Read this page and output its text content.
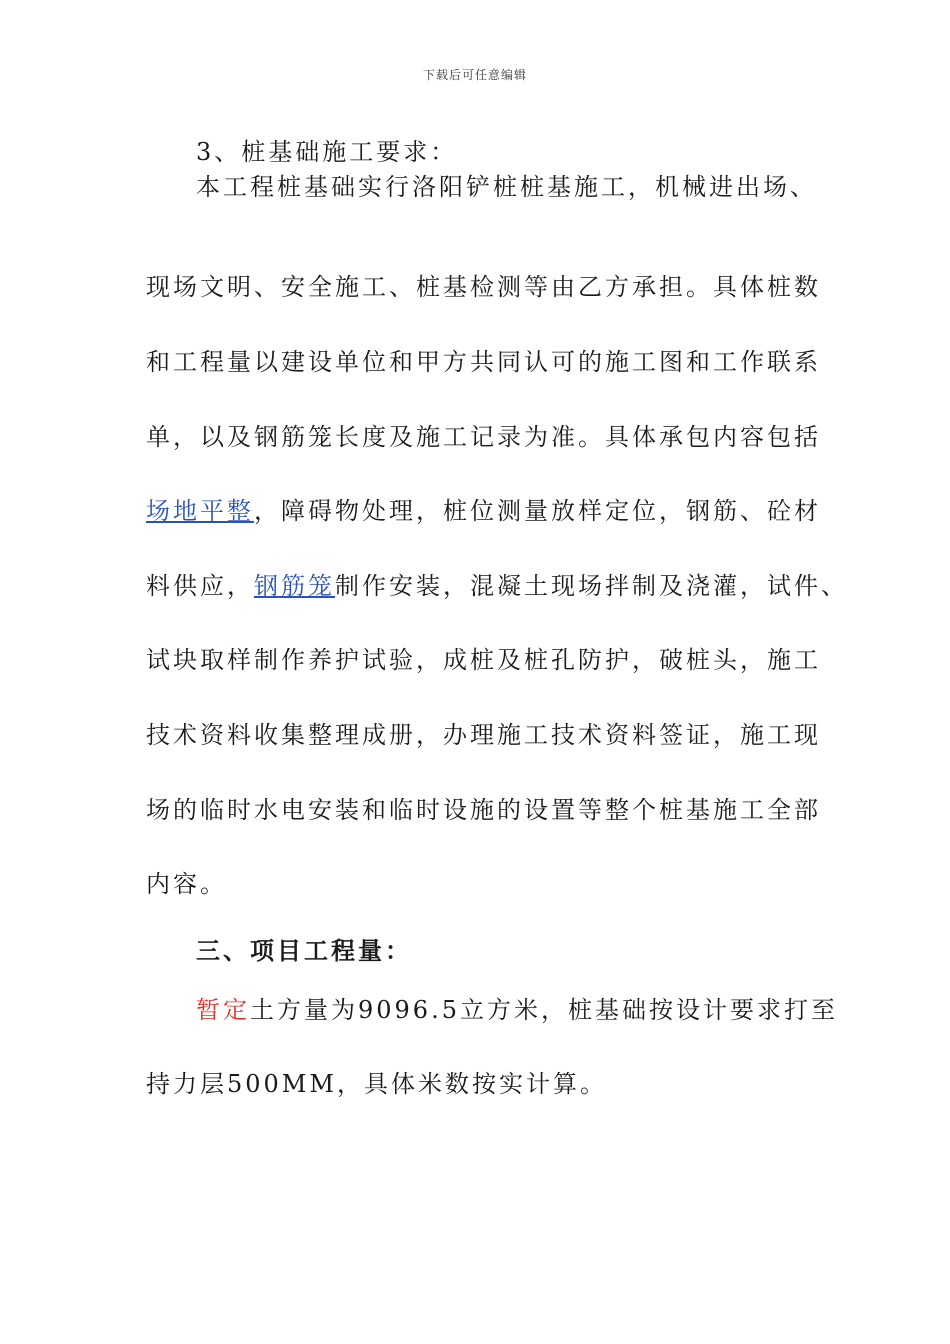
下载后可任意编辑
3、桩基础施工要求：
本工程桩基础实行洛阳铲桩桩基施工，机械进出场、
现场文明、安全施工、桩基检测等由乙方承担。具体桩数
和工程量以建设单位和甲方共同认可的施工图和工作联系
单，以及钢筋笼长度及施工记录为准。具体承包内容包括
场地平整，障碍物处理，桩位测量放样定位，钢筋、砼材
料供应，钢筋笼制作安装，混凝土现场拌制及浇灌，试件、
试块取样制作养护试验，成桩及桩孔防护，破桩头，施工
技术资料收集整理成册，办理施工技术资料签证，施工现
场的临时水电安装和临时设施的设置等整个桩基施工全部
内容。
三、项目工程量：
暂定土方量为9096.5立方米，桩基础按设计要求打至
持力层500MM，具体米数按实计算。
